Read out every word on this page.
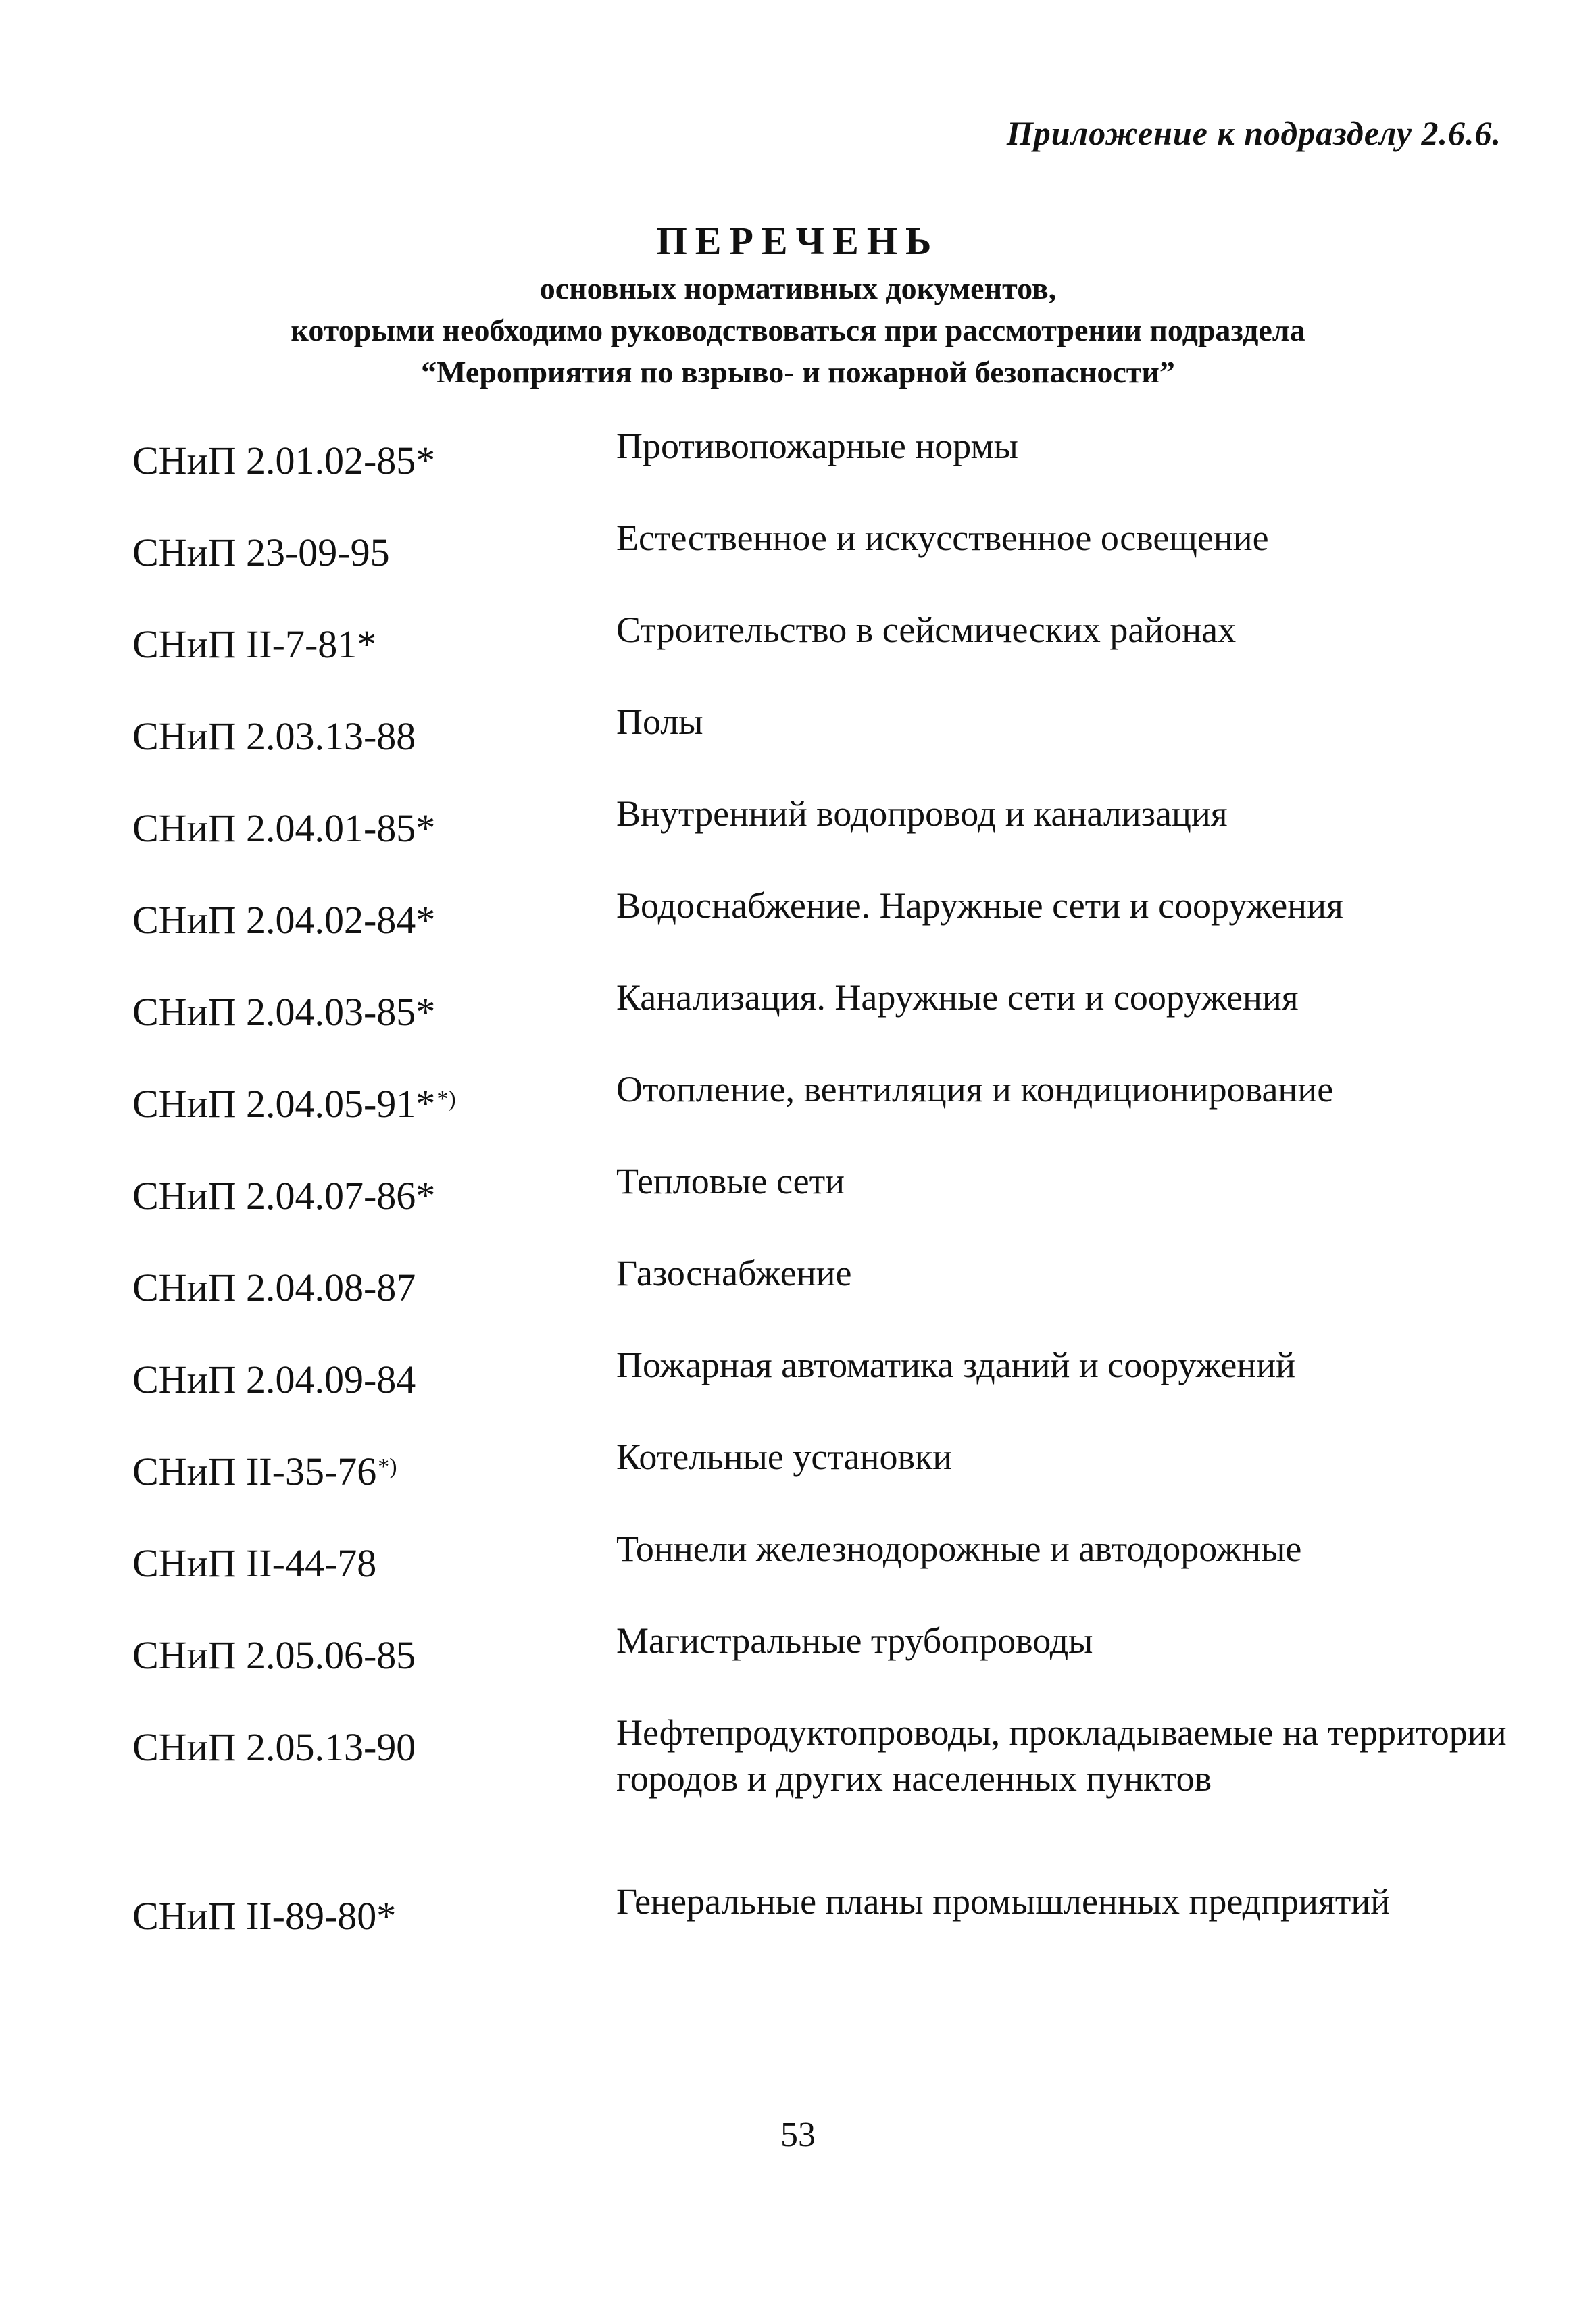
Приложение к подразделу 2.6.6.
ПЕРЕЧЕНЬ
основных нормативных документов,
которыми необходимо руководствоваться при рассмотрении подраздела
“Мероприятия по взрыво- и пожарной безопасности”
СНиП 2.01.02-85*	Противопожарные нормы
СНиП 23-09-95	Естественное и искусственное освещение
СНиП II-7-81*	Строительство в сейсмических районах
СНиП 2.03.13-88	Полы
СНиП 2.04.01-85*	Внутренний водопровод и канализация
СНиП 2.04.02-84*	Водоснабжение. Наружные сети и сооружения
СНиП 2.04.03-85*	Канализация. Наружные сети и сооружения
СНиП 2.04.05-91**)	Отопление, вентиляция и кондиционирование
СНиП 2.04.07-86*	Тепловые сети
СНиП 2.04.08-87	Газоснабжение
СНиП 2.04.09-84	Пожарная автоматика зданий и сооружений
СНиП II-35-76*)	Котельные установки
СНиП II-44-78	Тоннели железнодорожные и автодорожные
СНиП 2.05.06-85	Магистральные трубопроводы
СНиП 2.05.13-90	Нефтепродуктопроводы, прокладываемые на территории городов и других населенных пунктов
СНиП II-89-80*	Генеральные планы промышленных предприятий
53
